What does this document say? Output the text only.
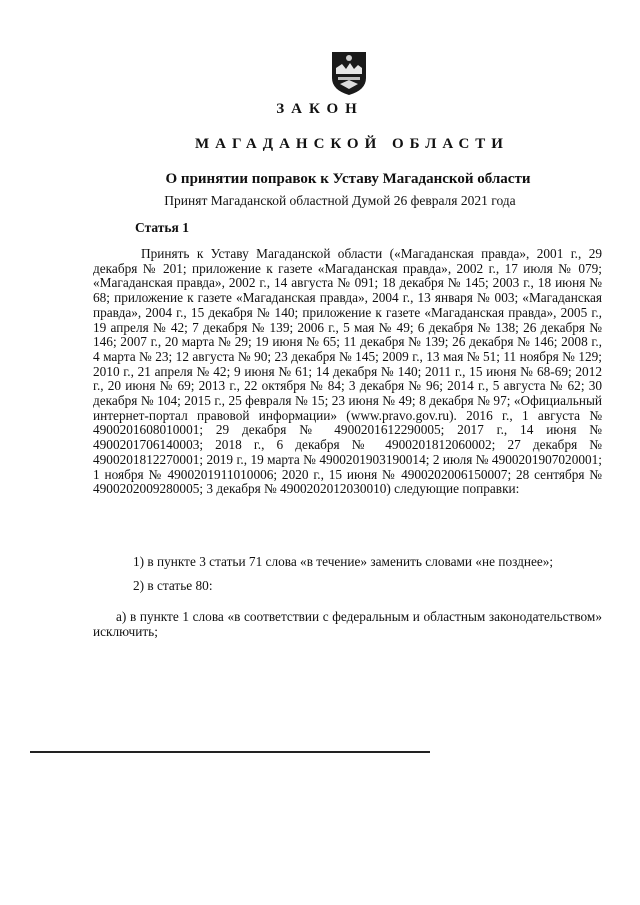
ЗАКОН
МАГАДАНСКОЙ ОБЛАСТИ
О принятии поправок к Уставу Магаданской области
Принят Магаданской областной Думой 26 февраля 2021 года
Статья 1
Принять к Уставу Магаданской области («Магаданская правда», 2001 г., 29 декабря № 201; приложение к газете «Магаданская правда», 2002 г., 17 июля № 079; «Магаданская правда», 2002 г., 14 августа № 091; 18 декабря № 145; 2003 г., 18 июня № 68; приложение к газете «Магаданская правда», 2004 г., 13 января № 003; «Магаданская правда», 2004 г., 15 декабря № 140; приложение к газете «Магаданская правда», 2005 г., 19 апреля № 42; 7 декабря № 139; 2006 г., 5 мая № 49; 6 декабря № 138; 26 декабря № 146; 2007 г., 20 марта № 29; 19 июня № 65; 11 декабря № 139; 26 декабря № 146; 2008 г., 4 марта № 23; 12 августа № 90; 23 декабря № 145; 2009 г., 13 мая № 51; 11 ноября № 129; 2010 г., 21 апреля № 42; 9 июня № 61; 14 декабря № 140; 2011 г., 15 июня № 68-69; 2012 г., 20 июня № 69; 2013 г., 22 октября № 84; 3 декабря № 96; 2014 г., 5 августа № 62; 30 декабря № 104; 2015 г., 25 февраля № 15; 23 июня № 49; 8 декабря № 97; «Официальный интернет-портал правовой информации» (www.pravo.gov.ru). 2016 г., 1 августа № 4900201608010001; 29 декабря № 4900201612290005; 2017 г., 14 июня № 4900201706140003; 2018 г., 6 декабря № 4900201812060002; 27 декабря № 4900201812270001; 2019 г., 19 марта № 4900201903190014; 2 июля № 4900201907020001; 1 ноября № 4900201911010006; 2020 г., 15 июня № 4900202006150007; 28 сентября № 4900202009280005; 3 декабря № 4900202012030010) следующие поправки:
1) в пункте 3 статьи 71 слова «в течение» заменить словами «не позднее»;
2) в статье 80:
а) в пункте 1 слова «в соответствии с федеральным и областным законодательством» исключить;
